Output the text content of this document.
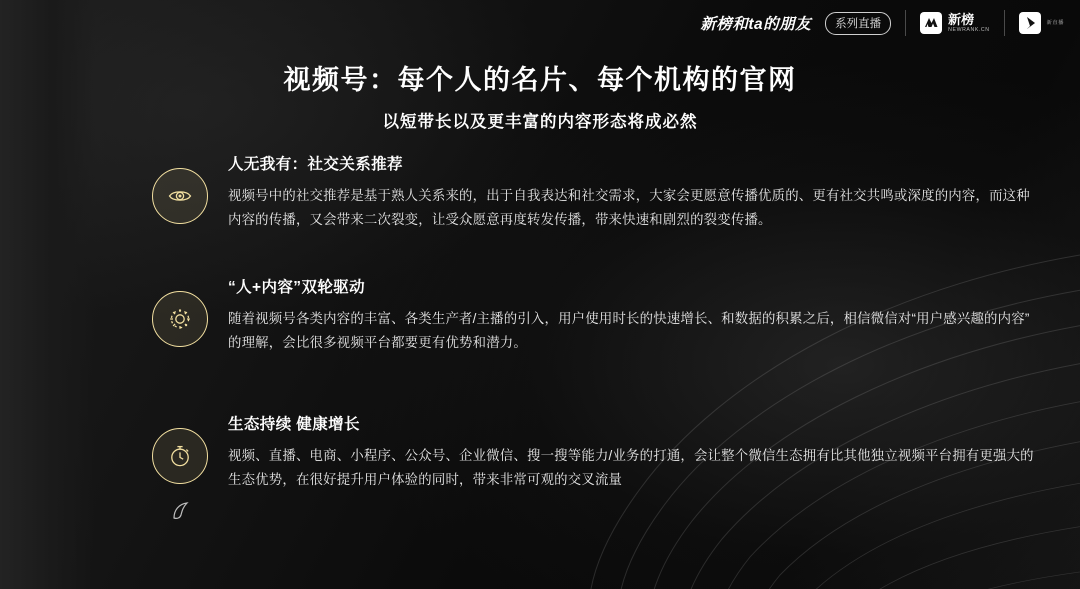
新榜和ta的朋友	系列直播	新榜
NEWRANK.CN
新直播
视频号：每个人的名片、每个机构的官网
以短带长以及更丰富的内容形态将成必然
人无我有：社交关系推荐
视频号中的社交推荐是基于熟人关系来的，出于自我表达和社交需求，大家会更愿意传播优质的、更有社交共鸣或深度的内容，而这种内容的传播，又会带来二次裂变，让受众愿意再度转发传播，带来快速和剧烈的裂变传播。
“人+内容”双轮驱动
随着视频号各类内容的丰富、各类生产者/主播的引入，用户使用时长的快速增长、和数据的积累之后，相信微信对“用户感兴趣的内容”的理解，会比很多视频平台都要更有优势和潜力。
生态持续 健康增长
视频、直播、电商、小程序、公众号、企业微信、搜一搜等能力/业务的打通，会让整个微信生态拥有比其他独立视频平台拥有更强大的生态优势，在很好提升用户体验的同时，带来非常可观的交叉流量
